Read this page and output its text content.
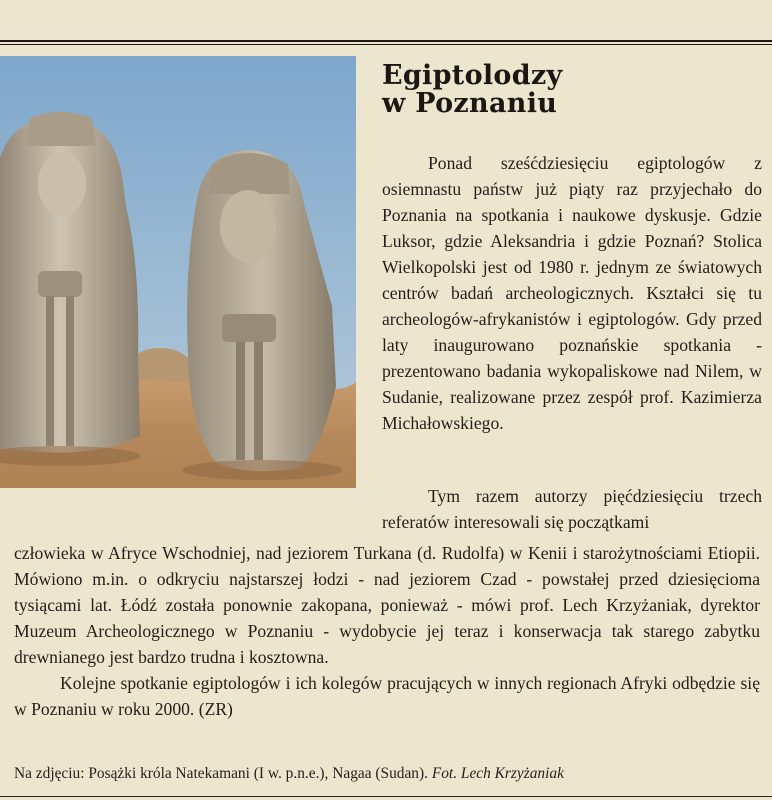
Egiptolodzy
w Poznaniu

Ponad sześćdziesięciu egiptologów z osiemnastu państw już piąty raz przyjechało do Poznania na spotkania i naukowe dyskusje. Gdzie Luksor, gdzie Aleksandria i gdzie Poznań? Stolica Wielkopolski jest od 1980 r. jednym ze światowych centrów badań archeologicznych. Kształci się tu archeologów-afrykanistów i egiptologów. Gdy przed laty inaugurowano poznańskie spotkania - prezentowano badania wykopaliskowe nad Nilem, w Sudanie, realizowane przez zespół prof. Kazimierza Michałowskiego.

Tym razem autorzy pięćdziesięciu trzech referatów interesowali się początkami

człowieka w Afryce Wschodniej, nad jeziorem Turkana (d. Rudolfa) w Kenii i starożytnościami Etiopii. Mówiono m.in. o odkryciu najstarszej łodzi - nad jeziorem Czad - powstałej przed dziesięcioma tysiącami lat. Łódź została ponownie zakopana, ponieważ - mówi prof. Lech Krzyżaniak, dyrektor Muzeum Archeologicznego w Poznaniu - wydobycie jej teraz i konserwacja tak starego zabytku drewnianego jest bardzo trudna i kosztowna.

Kolejne spotkanie egiptologów i ich kolegów pracujących w innych regionach Afryki odbędzie się w Poznaniu w roku 2000. (ZR)

Na zdjęciu: Posążki króla Natekamani (I w. p.n.e.), Nagaa (Sudan). Fot. Lech Krzyżaniak
